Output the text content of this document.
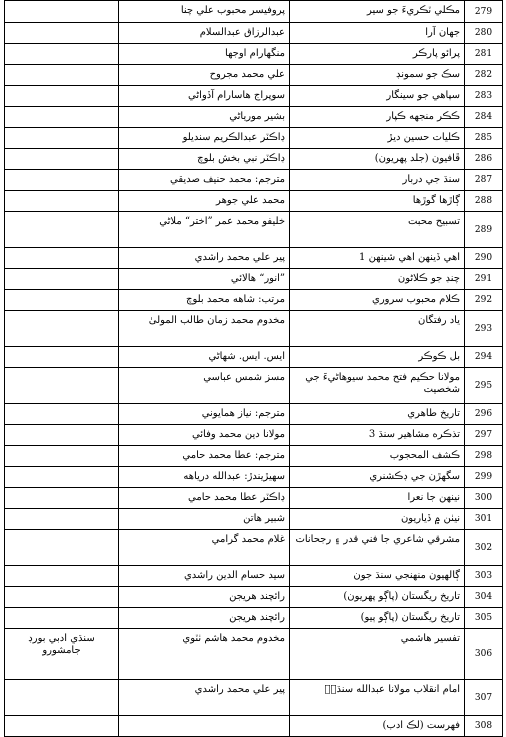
	پروفيسر محبوب علي چنا	مڪلي ٽڪريءَ جو سير	279
	عبدالرزاق عبدالسلام	جهان آرا	280
	منگهارام اوجها	پرائو پارڪر	281
	علي محمد مجروح	سڪ جو سمونڊ	282
	سوپراج هاسارام آڏواڻي	سپاهي جو سينگار	283
	بشير مورياڻي	ڪڪر منجهه ڪپار	284
	ڊاڪٽر عبدالڪريم سنديلو	ڪليات حسين ديڙ	285
	ڊاڪٽر نبي بخش بلوچ	ڦافيون (جلد پهريون)	286
	مترجم: محمد حنيف صديقي	سنڌ جي دربار	287
	محمد علي جوهر	ڳاڙها گوڙها	288
	خليفو محمد عمر ”اختر“ ملاڻي	تسبيح محبت	289
	پير علي محمد راشدي	اهي ڏينهن اهي شينهن 1	290
	”انور“ هالائي	چنڊ جو ڪلاڻون	291
	مرتب: شاهه محمد بلوچ	ڪلام محبوب سروري	292
	مخدوم محمد زمان طالب المولىٰ	ياد رفتگان	293
	ايس. ايس. شهاڻي	بل ڪوڪر	294
	مسز شمس عباسي	مولانا حڪيم فتح محمد سيوهاڻيءَ جي شخصيت	295
	مترجم: نياز همايوني	تاريخ طاهري	296
	مولانا دين محمد وفائي	تذڪره مشاهير سنڌ 3	297
	مترجم: عطا محمد حامي	ڪشف المحجوب	298
	سهيڙيندڙ: عبدالله درياهه	سگهڙن جي ڊڪشنري	299
	ڊاڪٽر عطا محمد حامي	نينهن جا نعرا	300
	شبير هاتن	نيٺن ۾ ڏياريون	301
	غلام محمد گرامي	مشرقي شاعري جا فني قدر ۽ رجحانات	302
	سيد حسام الدين راشدي	ڳالهيون منهنجي سنڌ جون	303
	رائچند هريجن	تاريخ ريگستان (پاڳو پهريون)	304
	رائچند هريجن	تاريخ ريگستان (پاڳو ٻيو)	305
سنڌي ادبي بورڊ جامشورو	مخدوم محمد هاشم ٺٽوي	تفسير هاشمي	306
	پير علي محمد راشدي	امام انقلاب مولانا عبدالله سنڌيؒ	307
		فهرست (لڪ ادب)	308
